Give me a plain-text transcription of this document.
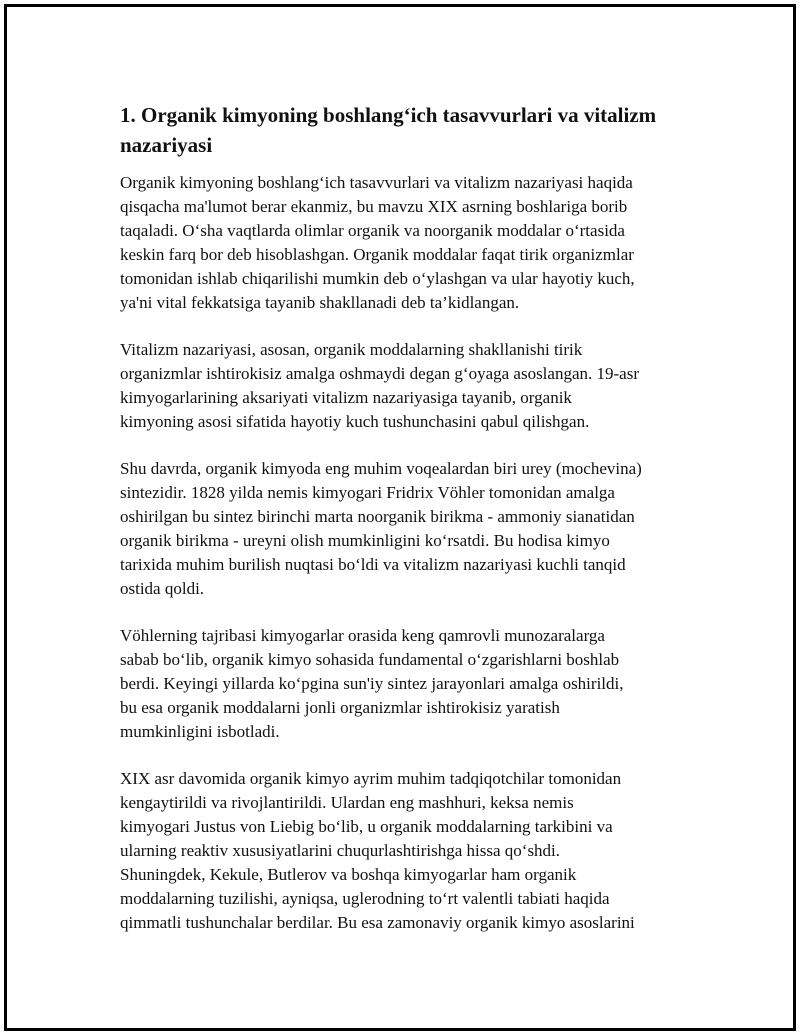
1. Organik kimyoning boshlang‘ich tasavvurlari va vitalizm
nazariyasi

Organik kimyoning boshlang‘ich tasavvurlari va vitalizm nazariyasi haqida
qisqacha ma'lumot berar ekanmiz, bu mavzu XIX asrning boshlariga borib
taqaladi. O‘sha vaqtlarda olimlar organik va noorganik moddalar o‘rtasida
keskin farq bor deb hisoblashgan. Organik moddalar faqat tirik organizmlar
tomonidan ishlab chiqarilishi mumkin deb o‘ylashgan va ular hayotiy kuch,
ya'ni vital fekkatsiga tayanib shakllanadi deb ta’kidlangan.

Vitalizm nazariyasi, asosan, organik moddalarning shakllanishi tirik
organizmlar ishtirokisiz amalga oshmaydi degan g‘oyaga asoslangan. 19-asr
kimyogarlarining aksariyati vitalizm nazariyasiga tayanib, organik
kimyoning asosi sifatida hayotiy kuch tushunchasini qabul qilishgan.

Shu davrda, organik kimyoda eng muhim voqealardan biri urey (mochevina)
sintezidir. 1828 yilda nemis kimyogari Fridrix Vöhler tomonidan amalga
oshirilgan bu sintez birinchi marta noorganik birikma - ammoniy sianatidan
organik birikma - ureyni olish mumkinligini ko‘rsatdi. Bu hodisa kimyo
tarixida muhim burilish nuqtasi bo‘ldi va vitalizm nazariyasi kuchli tanqid
ostida qoldi.

Vöhlerning tajribasi kimyogarlar orasida keng qamrovli munozaralarga
sabab bo‘lib, organik kimyo sohasida fundamental o‘zgarishlarni boshlab
berdi. Keyingi yillarda ko‘pgina sun'iy sintez jarayonlari amalga oshirildi,
bu esa organik moddalarni jonli organizmlar ishtirokisiz yaratish
mumkinligini isbotladi.

XIX asr davomida organik kimyo ayrim muhim tadqiqotchilar tomonidan
kengaytirildi va rivojlantirildi. Ulardan eng mashhuri, keksa nemis
kimyogari Justus von Liebig bo‘lib, u organik moddalarning tarkibini va
ularning reaktiv xususiyatlarini chuqurlashtirishga hissa qo‘shdi.
Shuningdek, Kekule, Butlerov va boshqa kimyogarlar ham organik
moddalarning tuzilishi, ayniqsa, uglerodning to‘rt valentli tabiati haqida
qimmatli tushunchalar berdilar. Bu esa zamonaviy organik kimyo asoslarini
